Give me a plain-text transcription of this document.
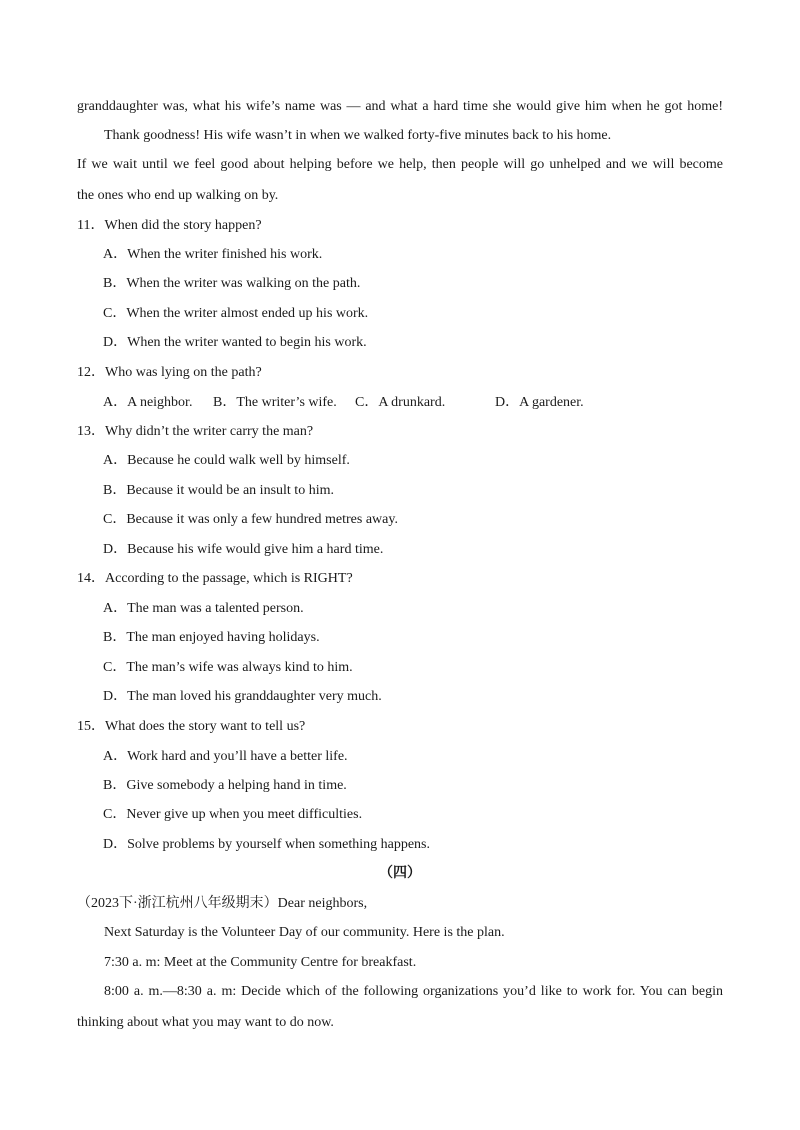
granddaughter was, what his wife’s name was — and what a hard time she would give him when he got home!
Thank goodness! His wife wasn’t in when we walked forty-five minutes back to his home.
If we wait until we feel good about helping before we help, then people will go unhelped and we will become
the ones who end up walking on by.
11．When did the story happen?
A．When the writer finished his work.
B．When the writer was walking on the path.
C．When the writer almost ended up his work.
D．When the writer wanted to begin his work.
12．Who was lying on the path?
A．A neighbor. B．The writer’s wife. C．A drunkard.	D．A gardener.
13．Why didn’t the writer carry the man?
A．Because he could walk well by himself.
B．Because it would be an insult to him.
C．Because it was only a few hundred metres away.
D．Because his wife would give him a hard time.
14．According to the passage, which is RIGHT?
A．The man was a talented person.
B．The man enjoyed having holidays.
C．The man’s wife was always kind to him.
D．The man loved his granddaughter very much.
15．What does the story want to tell us?
A．Work hard and you’ll have a better life.
B．Give somebody a helping hand in time.
C．Never give up when you meet difficulties.
D．Solve problems by yourself when something happens.
（四）
（2023下·浙江杭州八年级期末）Dear neighbors,
Next Saturday is the Volunteer Day of our community. Here is the plan.
7:30 a. m: Meet at the Community Centre for breakfast.
8:00 a. m.—8:30 a. m: Decide which of the following organizations you’d like to work for. You can begin
thinking about what you may want to do now.
